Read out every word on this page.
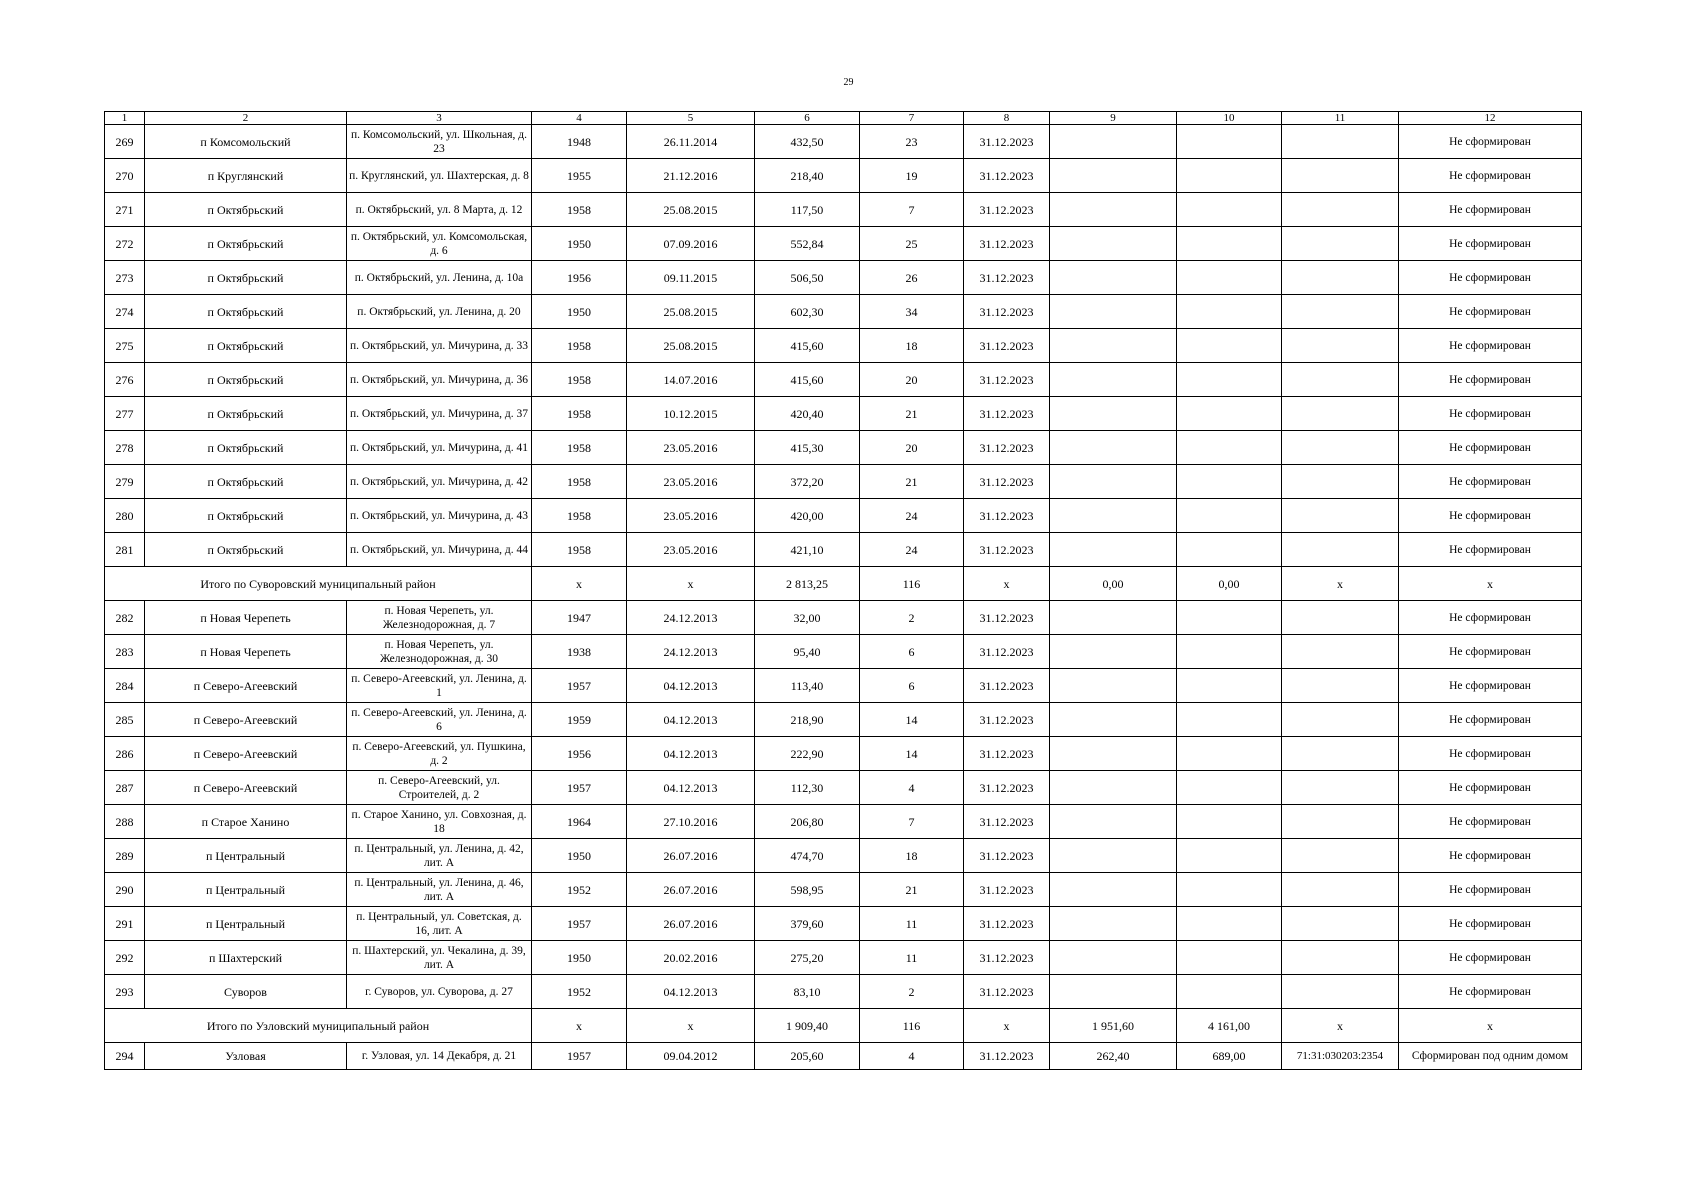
29
1	2	3	4	5	6	7	8	9	10	11	12
269	п Комсомольский	п. Комсомольский, ул. Школьная, д. 23	1948	26.11.2014	432,50	23	31.12.2023				Не сформирован
270	п Круглянский	п. Круглянский, ул. Шахтерская, д. 8	1955	21.12.2016	218,40	19	31.12.2023				Не сформирован
271	п Октябрьский	п. Октябрьский, ул. 8 Марта, д. 12	1958	25.08.2015	117,50	7	31.12.2023				Не сформирован
272	п Октябрьский	п. Октябрьский, ул. Комсомольская, д. 6	1950	07.09.2016	552,84	25	31.12.2023				Не сформирован
273	п Октябрьский	п. Октябрьский, ул. Ленина, д. 10а	1956	09.11.2015	506,50	26	31.12.2023				Не сформирован
274	п Октябрьский	п. Октябрьский, ул. Ленина, д. 20	1950	25.08.2015	602,30	34	31.12.2023				Не сформирован
275	п Октябрьский	п. Октябрьский, ул. Мичурина, д. 33	1958	25.08.2015	415,60	18	31.12.2023				Не сформирован
276	п Октябрьский	п. Октябрьский, ул. Мичурина, д. 36	1958	14.07.2016	415,60	20	31.12.2023				Не сформирован
277	п Октябрьский	п. Октябрьский, ул. Мичурина, д. 37	1958	10.12.2015	420,40	21	31.12.2023				Не сформирован
278	п Октябрьский	п. Октябрьский, ул. Мичурина, д. 41	1958	23.05.2016	415,30	20	31.12.2023				Не сформирован
279	п Октябрьский	п. Октябрьский, ул. Мичурина, д. 42	1958	23.05.2016	372,20	21	31.12.2023				Не сформирован
280	п Октябрьский	п. Октябрьский, ул. Мичурина, д. 43	1958	23.05.2016	420,00	24	31.12.2023				Не сформирован
281	п Октябрьский	п. Октябрьский, ул. Мичурина, д. 44	1958	23.05.2016	421,10	24	31.12.2023				Не сформирован
Итого по Суворовский муниципальный район			х	х	2 813,25	116	х	0,00	0,00	х	х
282	п Новая Черепеть	п. Новая Черепеть, ул. Железнодорожная, д. 7	1947	24.12.2013	32,00	2	31.12.2023				Не сформирован
283	п Новая Черепеть	п. Новая Черепеть, ул. Железнодорожная, д. 30	1938	24.12.2013	95,40	6	31.12.2023				Не сформирован
284	п Северо-Агеевский	п. Северо-Агеевский, ул. Ленина, д. 1	1957	04.12.2013	113,40	6	31.12.2023				Не сформирован
285	п Северо-Агеевский	п. Северо-Агеевский, ул. Ленина, д. 6	1959	04.12.2013	218,90	14	31.12.2023				Не сформирован
286	п Северо-Агеевский	п. Северо-Агеевский, ул. Пушкина, д. 2	1956	04.12.2013	222,90	14	31.12.2023				Не сформирован
287	п Северо-Агеевский	п. Северо-Агеевский, ул. Строителей, д. 2	1957	04.12.2013	112,30	4	31.12.2023				Не сформирован
288	п Старое Ханино	п. Старое Ханино, ул. Совхозная, д. 18	1964	27.10.2016	206,80	7	31.12.2023				Не сформирован
289	п Центральный	п. Центральный, ул. Ленина, д. 42, лит. А	1950	26.07.2016	474,70	18	31.12.2023				Не сформирован
290	п Центральный	п. Центральный, ул. Ленина, д. 46, лит. А	1952	26.07.2016	598,95	21	31.12.2023				Не сформирован
291	п Центральный	п. Центральный, ул. Советская, д. 16, лит. А	1957	26.07.2016	379,60	11	31.12.2023				Не сформирован
292	п Шахтерский	п. Шахтерский, ул. Чекалина, д. 39, лит. А	1950	20.02.2016	275,20	11	31.12.2023				Не сформирован
293	Суворов	г. Суворов, ул. Суворова, д. 27	1952	04.12.2013	83,10	2	31.12.2023				Не сформирован
Итого по Узловский муниципальный район			х	х	1 909,40	116	х	1 951,60	4 161,00	х	х
294	Узловая	г. Узловая, ул. 14 Декабря, д. 21	1957	09.04.2012	205,60	4	31.12.2023	262,40	689,00	71:31:030203:2354	Сформирован под одним домом
